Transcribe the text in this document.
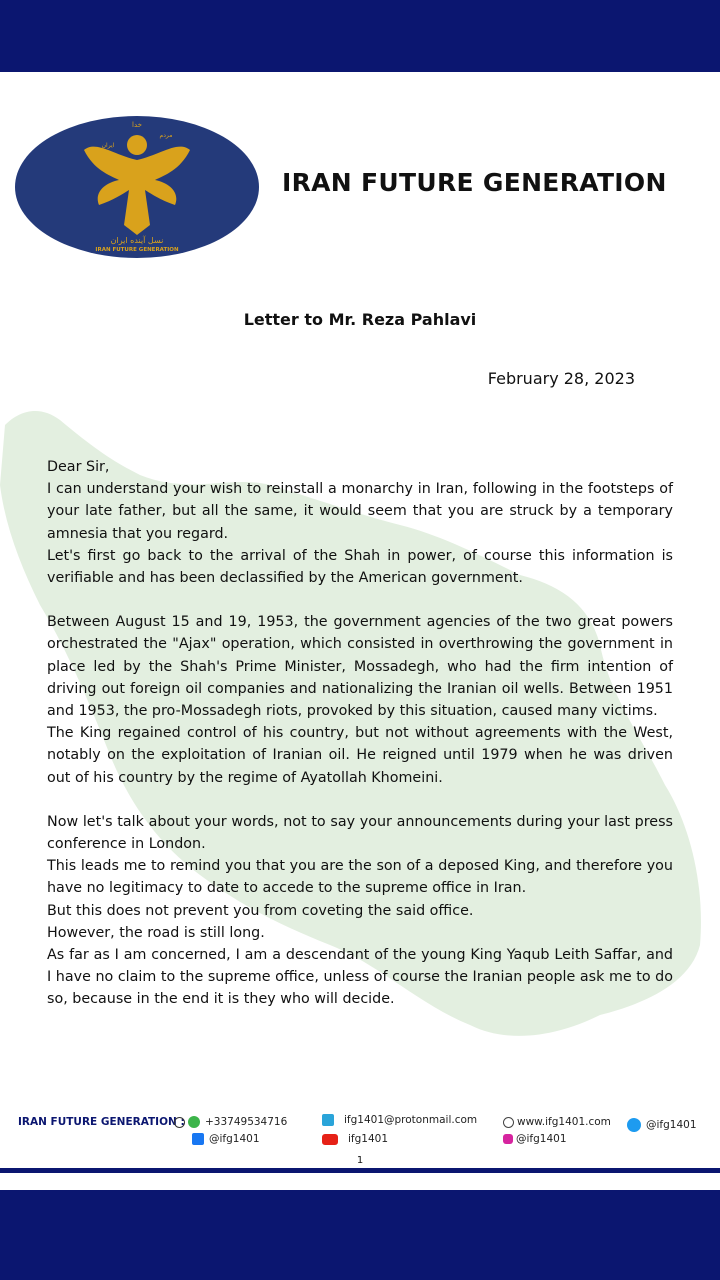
خدا
ایران
مردم
نسل آینده ایران
IRAN FUTURE GENERATION
IRAN FUTURE GENERATION
Letter to Mr. Reza Pahlavi
February 28, 2023

Dear Sir,

I can understand your wish to reinstall a monarchy in Iran, following in the footsteps of your late father, but all the same, it would seem that you are struck by a temporary amnesia that you regard.

Let's first go back to the arrival of the Shah in power, of course this information is verifiable and has been declassified by the American government.

Between August 15 and 19, 1953, the government agencies of the two great powers orchestrated the "Ajax" operation, which consisted in overthrowing the government in place led by the Shah's Prime Minister, Mossadegh, who had the firm intention of driving out foreign oil companies and nationalizing the Iranian oil wells. Between 1951 and 1953, the pro-Mossadegh riots, provoked by this situation, caused many victims.

The King regained control of his country, but not without agreements with the West, notably on the exploitation of Iranian oil. He reigned until 1979 when he was driven out of his country by the regime of Ayatollah Khomeini.

Now let's talk about your words, not to say your announcements during your last press conference in London.

This leads me to remind you that you are the son of a deposed King, and therefore you have no legitimacy to date to accede to the supreme office in Iran.

But this does not prevent you from coveting the said office.

However, the road is still long.

As far as I am concerned, I am a descendant of the young King Yaqub Leith Saffar, and I have no claim to the supreme office, unless of course the Iranian people ask me to do so, because in the end it is they who will decide.

IRAN FUTURE GENERATION : +33749534716
@ifg1401
ifg1401@protonmail.com
ifg1401
www.ifg1401.com
@ifg1401
@ifg1401
1
